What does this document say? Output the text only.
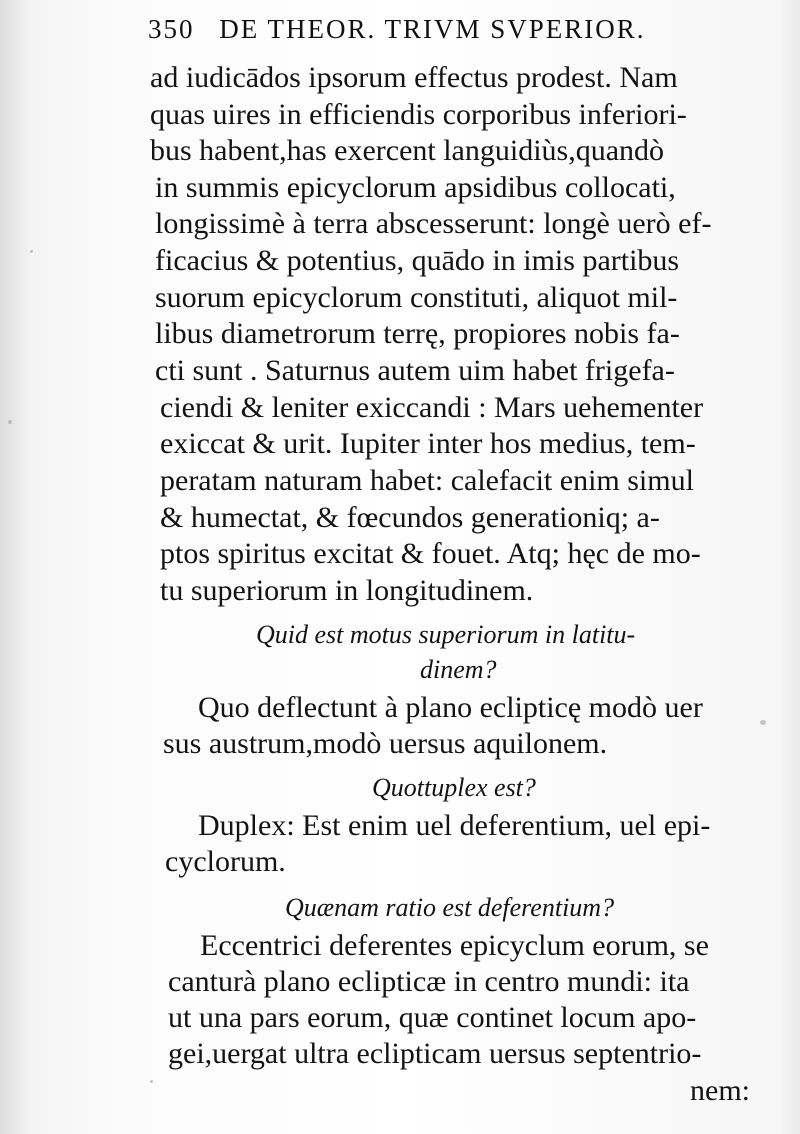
350 DE THEOR. TRIVM SVPERIOR.
ad iudicādos ipsorum effectus prodest. Nam
quas uires in efficiendis corporibus inferiori-
bus habent,has exercent languidiùs,quandò
in summis epicyclorum apsidibus collocati,
longissimè à terra abscesserunt: longè uerò ef-
ficacius & potentius, quādo in imis partibus
suorum epicyclorum constituti, aliquot mil-
libus diametrorum terrę, propiores nobis fa-
cti sunt . Saturnus autem uim habet frigefa-
ciendi & leniter exiccandi : Mars uehementer
exiccat & urit. Iupiter inter hos medius, tem-
peratam naturam habet: calefacit enim simul
& humectat, & fœcundos generationiq; a-
ptos spiritus excitat & fouet. Atq; hęc de mo-
tu superiorum in longitudinem.
Quid est motus superiorum in latitu-
dinem?
Quo deflectunt à plano eclipticę modò uer
sus austrum,modò uersus aquilonem.
Quottuplex est?
Duplex: Est enim uel deferentium, uel epi-
cyclorum.
Quænam ratio est deferentium?
Eccentrici deferentes epicyclum eorum, se
canturà plano eclipticæ in centro mundi: ita
ut una pars eorum, quæ continet locum apo-
gei,uergat ultra eclipticam uersus septentrio-
nem:
